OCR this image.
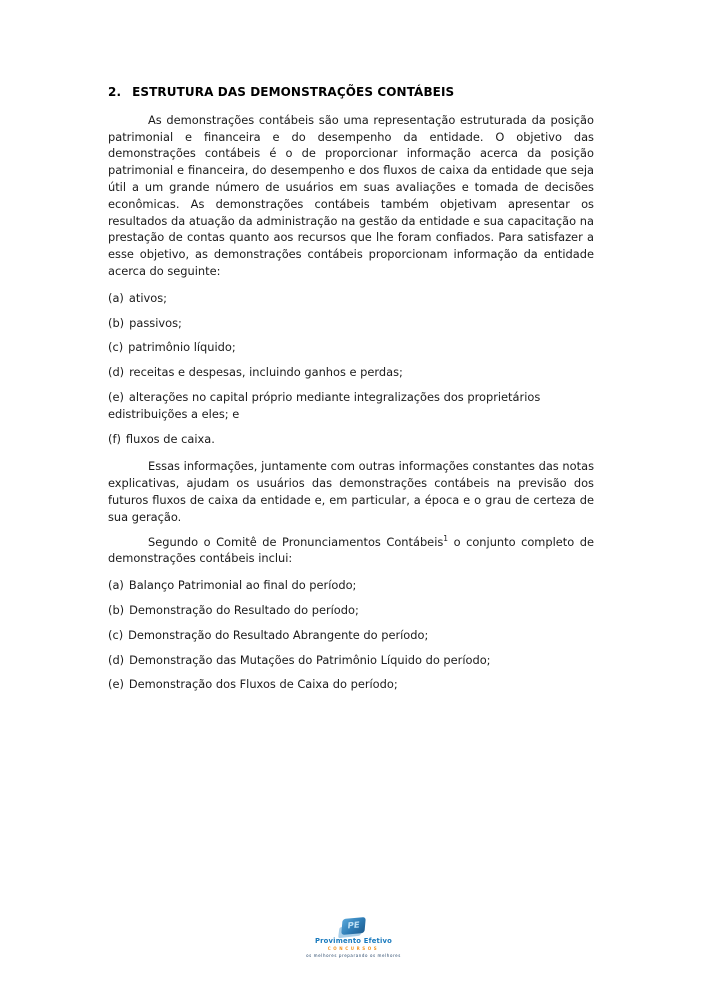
2. ESTRUTURA DAS DEMONSTRAÇÕES CONTÁBEIS

As demonstrações contábeis são uma representação estruturada da posição patrimonial e financeira e do desempenho da entidade. O objetivo das demonstrações contábeis é o de proporcionar informação acerca da posição patrimonial e financeira, do desempenho e dos fluxos de caixa da entidade que seja útil a um grande número de usuários em suas avaliações e tomada de decisões econômicas. As demonstrações contábeis também objetivam apresentar os resultados da atuação da administração na gestão da entidade e sua capacitação na prestação de contas quanto aos recursos que lhe foram confiados. Para satisfazer a esse objetivo, as demonstrações contábeis proporcionam informação da entidade acerca do seguinte:

(a) ativos;
(b) passivos;
(c) patrimônio líquido;
(d) receitas e despesas, incluindo ganhos e perdas;
(e) alterações no capital próprio mediante integralizações dos proprietários edistribuições a eles; e
(f) fluxos de caixa.

Essas informações, juntamente com outras informações constantes das notas explicativas, ajudam os usuários das demonstrações contábeis na previsão dos futuros fluxos de caixa da entidade e, em particular, a época e o grau de certeza de sua geração.

Segundo o Comitê de Pronunciamentos Contábeis$^1$ o conjunto completo de demonstrações contábeis inclui:

(a) Balanço Patrimonial ao final do período;
(b) Demonstração do Resultado do período;
(c) Demonstração do Resultado Abrangente do período;
(d) Demonstração das Mutações do Patrimônio Líquido do período;
(e) Demonstração dos Fluxos de Caixa do período;
PE
Provimento Efetivo
CONCURSOS
os melhores preparando os melhores
